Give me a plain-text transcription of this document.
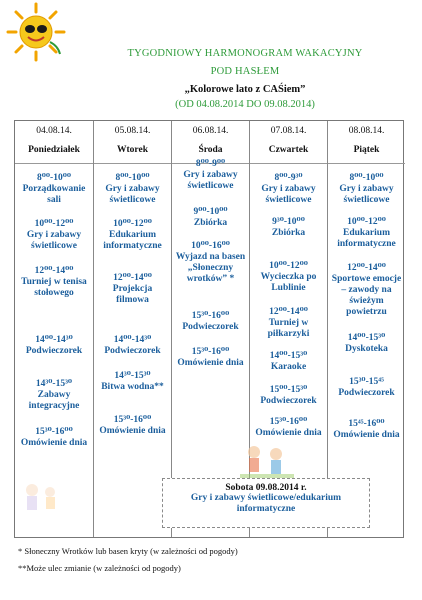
TYGODNIOWY HARMONOGRAM WAKACYJNY
POD HASŁEM
„Kolorowe lato z CAŚiem”
(OD 04.08.2014 DO 09.08.2014)
04.08.14.
Poniedziałek
8⁰⁰-10⁰⁰
Porządkowanie sali
10⁰⁰-12⁰⁰
Gry i zabawy świetlicowe
12⁰⁰-14⁰⁰
Turniej w tenisa stołowego
14⁰⁰-14³⁰
Podwieczorek
14³⁰-15³⁰
Zabawy integracyjne
15³⁰-16⁰⁰
Omówienie dnia
05.08.14.
Wtorek
8⁰⁰-10⁰⁰
Gry i zabawy świetlicowe
10⁰⁰-12⁰⁰
Edukarium informatyczne
12⁰⁰-14⁰⁰
Projekcja filmowa
14⁰⁰-14³⁰
Podwieczorek
14³⁰-15³⁰
Bitwa wodna**
15³⁰-16⁰⁰
Omówienie dnia
06.08.14.
Środa
8⁰⁰-9⁰⁰
Gry i zabawy świetlicowe
9⁰⁰-10⁰⁰
Zbiórka
10⁰⁰-16⁰⁰
Wyjazd na basen „Słoneczny wrotków” *
15³⁰-16⁰⁰
Podwieczorek
15³⁰-16⁰⁰
Omówienie dnia
07.08.14.
Czwartek
8⁰⁰-9³⁰
Gry i zabawy świetlicowe
9³⁰-10⁰⁰
Zbiórka
10⁰⁰-12⁰⁰
Wycieczka po Lublinie
12⁰⁰-14⁰⁰
Turniej w piłkarzyki
14⁰⁰-15³⁰
Karaoke
15⁰⁰-15³⁰
Podwieczorek
15³⁰-16⁰⁰
Omówienie dnia
08.08.14.
Piątek
8⁰⁰-10⁰⁰
Gry i zabawy świetlicowe
10⁰⁰-12⁰⁰
Edukarium informatyczne
12⁰⁰-14⁰⁰
Sportowe emocje – zawody na świeżym powietrzu
14⁰⁰-15³⁰
Dyskoteka
15³⁰-15⁴⁵
Podwieczorek
15⁴⁵-16⁰⁰
Omówienie dnia
Sobota 09.08.2014 r.
Gry i zabawy świetlicowe/edukarium informatyczne
* Słoneczny Wrotków lub basen kryty (w zależności od pogody)
**Może ulec zmianie (w zależności od pogody)
